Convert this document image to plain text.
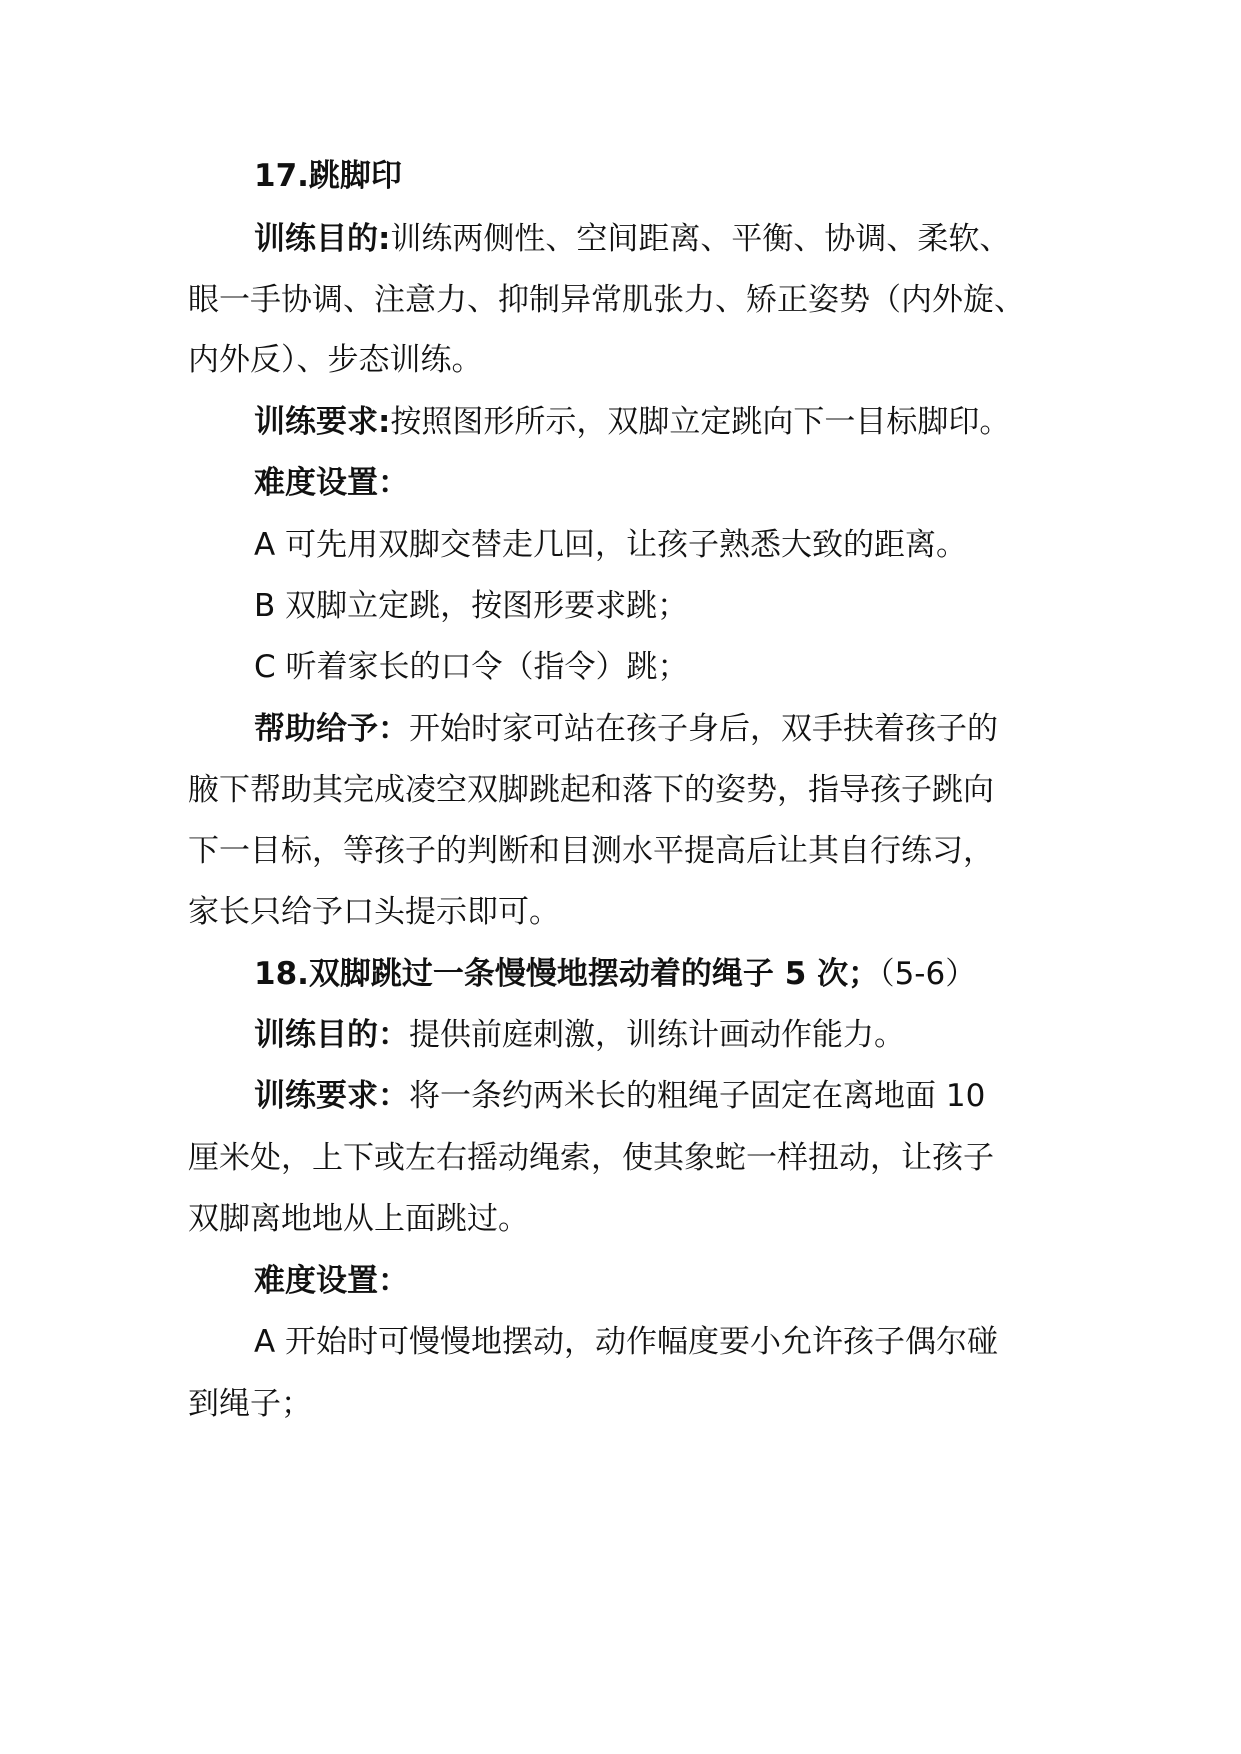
17.跳脚印
训练目的:训练两侧性、空间距离、平衡、协调、柔软、
眼一手协调、注意力、抑制异常肌张力、矫正姿势（内外旋、
内外反）、步态训练。
训练要求:按照图形所示，双脚立定跳向下一目标脚印。
难度设置：
A 可先用双脚交替走几回，让孩子熟悉大致的距离。
B 双脚立定跳，按图形要求跳；
C 听着家长的口令（指令）跳；
帮助给予：开始时家可站在孩子身后，双手扶着孩子的
腋下帮助其完成凌空双脚跳起和落下的姿势，指导孩子跳向
下一目标，等孩子的判断和目测水平提高后让其自行练习，
家长只给予口头提示即可。
18.双脚跳过一条慢慢地摆动着的绳子 5 次；（5-6）
训练目的：提供前庭刺激，训练计画动作能力。
训练要求：将一条约两米长的粗绳子固定在离地面 10
厘米处，上下或左右摇动绳索，使其象蛇一样扭动，让孩子
双脚离地地从上面跳过。
难度设置：
A 开始时可慢慢地摆动，动作幅度要小允许孩子偶尔碰
到绳子；
